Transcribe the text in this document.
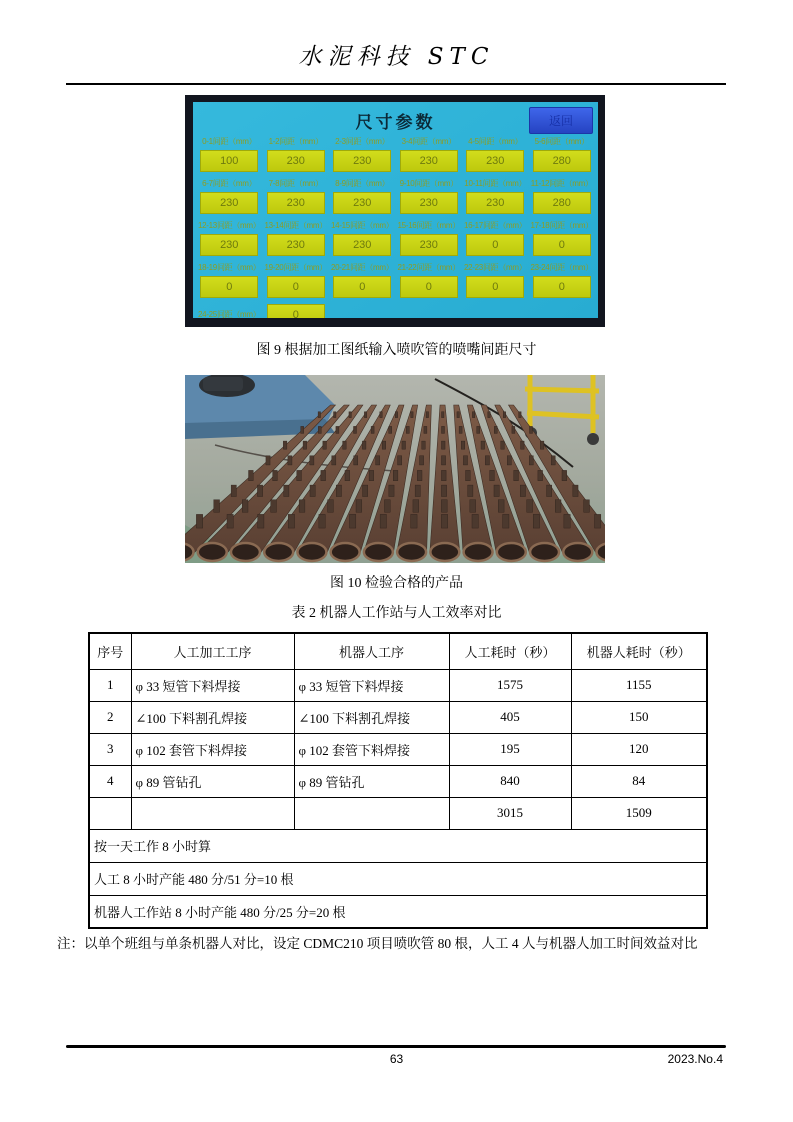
水泥科技 STC
尺寸参数	返回
0-1间距（mm）
100
1-2间距（mm）
230
2-3间距（mm）
230
3-4间距（mm）
230
4-5间距（mm）
230
5-6间距（mm）
280
6-7间距（mm）
230
7-8间距（mm）
230
8-9间距（mm）
230
9-10间距（mm）
230
10-11间距（mm）
230
11-12间距（mm）
280
12-13间距（mm）
230
13-14间距（mm）
230
14-15间距（mm）
230
15-16间距（mm）
230
16-17间距（mm）
0
17-18间距（mm）
0
18-19间距（mm）
0
19-20间距（mm）
0
20-21间距（mm）
0
21-22间距（mm）
0
22-23间距（mm）
0
23-24间距（mm）
0
24-25间距（mm）	0
图 9 根据加工图纸输入喷吹管的喷嘴间距尺寸
图 10 检验合格的产品
表 2 机器人工作站与人工效率对比
序号	人工加工工序	机器人工序	人工耗时（秒）	机器人耗时（秒）
1	φ 33 短管下料焊接	φ 33 短管下料焊接	1575	1155
2	∠100 下料割孔焊接	∠100 下料割孔焊接	405	150
3	φ 102 套管下料焊接	φ 102 套管下料焊接	195	120
4	φ 89 管钻孔	φ 89 管钻孔	840	84
			3015	1509
按一天工作 8 小时算				
人工 8 小时产能 480 分/51 分=10 根				
机器人工作站 8 小时产能 480 分/25 分=20 根				
注：以单个班组与单条机器人对比，设定 CDMC210 项目喷吹管 80 根，人工 4 人与机器人加工时间效益对比
63	2023.No.4
